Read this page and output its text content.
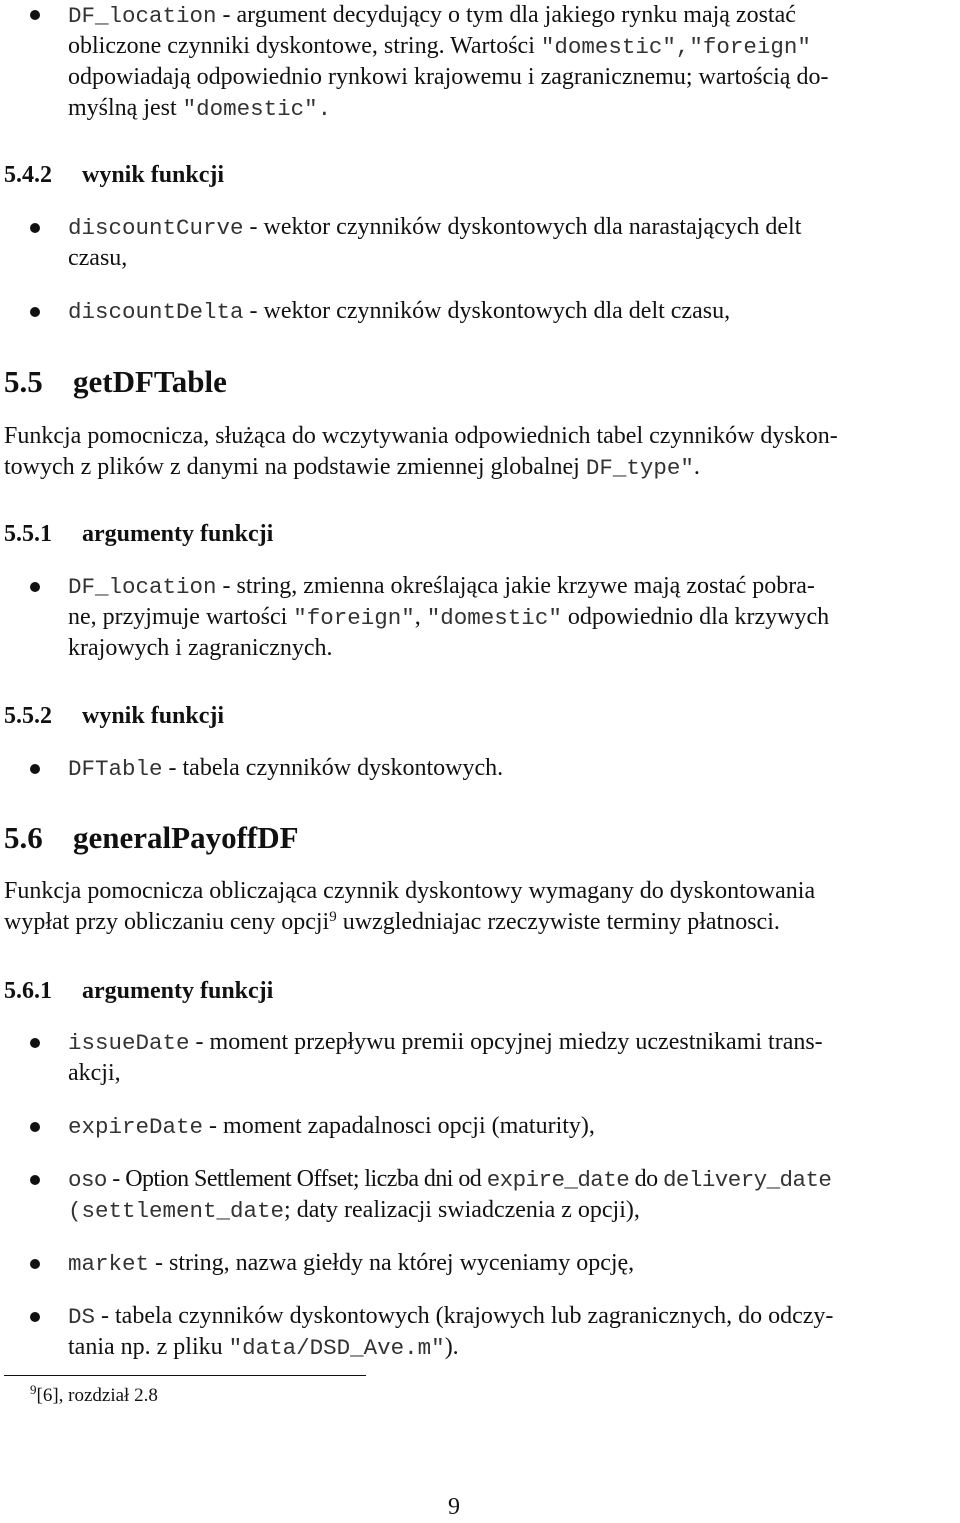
DF_location - argument decydujący o tym dla jakiego rynku mają zostać
obliczone czynniki dyskontowe, string. Wartości "domestic","foreign"
odpowiadają odpowiednio rynkowi krajowemu i zagranicznemu; wartością do-
myślną jest "domestic".
5.4.2 wynik funkcji
discountCurve - wektor czynników dyskontowych dla narastających delt
czasu,
discountDelta - wektor czynników dyskontowych dla delt czasu,
5.5 getDFTable
Funkcja pomocnicza, służąca do wczytywania odpowiednich tabel czynników dyskon-
towych z plików z danymi na podstawie zmiennej globalnej DF_type".
5.5.1 argumenty funkcji
DF_location - string, zmienna określająca jakie krzywe mają zostać pobra-
ne, przyjmuje wartości "foreign", "domestic" odpowiednio dla krzywych
krajowych i zagranicznych.
5.5.2 wynik funkcji
DFTable - tabela czynników dyskontowych.
5.6 generalPayoffDF
Funkcja pomocnicza obliczająca czynnik dyskontowy wymagany do dyskontowania
wypłat przy obliczaniu ceny opcji$^9$ uwzgledniajac rzeczywiste terminy płatnosci.
5.6.1 argumenty funkcji
issueDate - moment przepływu premii opcyjnej miedzy uczestnikami trans-
akcji,
expireDate - moment zapadalnosci opcji (maturity),
oso - Option Settlement Offset; liczba dni od expire_date do delivery_date
(settlement_date; daty realizacji swiadczenia z opcji),
market - string, nazwa giełdy na której wyceniamy opcję,
DS - tabela czynników dyskontowych (krajowych lub zagranicznych, do odczy-
tania np. z pliku "data/DSD_Ave.m").
$^9$[6], rozdział 2.8
9
